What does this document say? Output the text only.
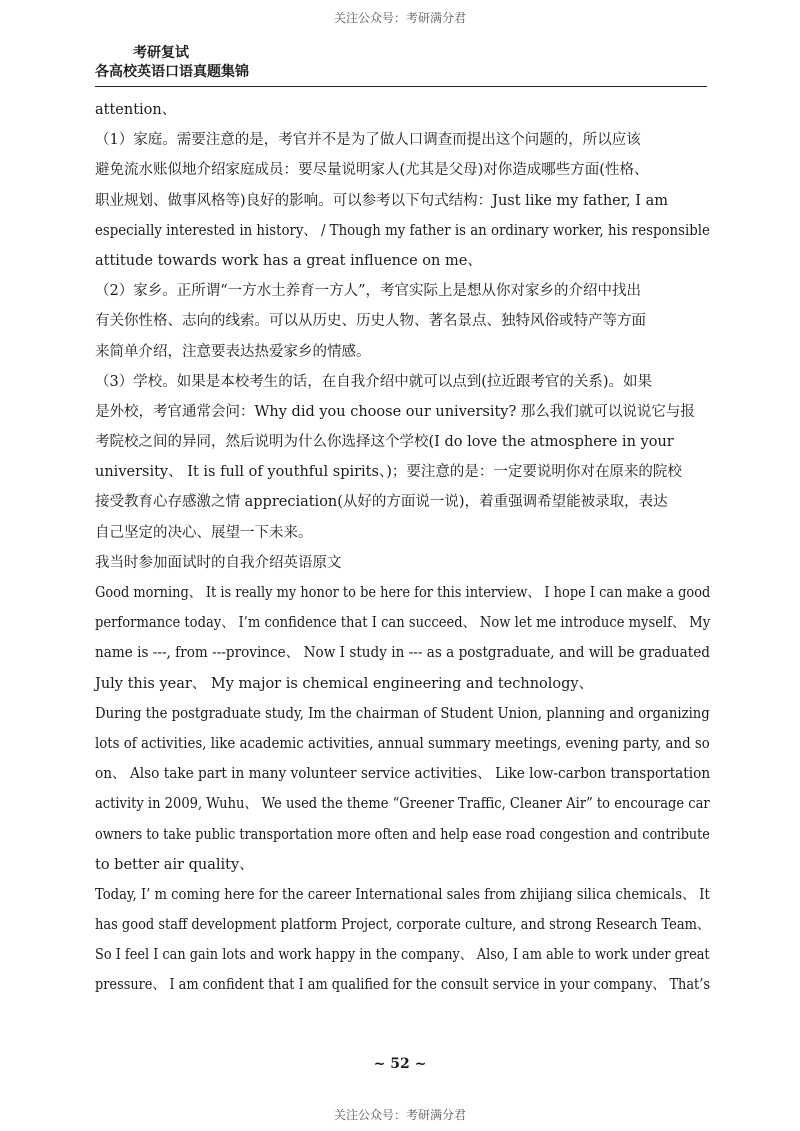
关注公众号：考研满分君
考研复试
各高校英语口语真题集锦
attention、
（1）家庭。需要注意的是，考官并不是为了做人口调查而提出这个问题的，所以应该
避免流水账似地介绍家庭成员：要尽量说明家人(尤其是父母)对你造成哪些方面(性格、
职业规划、做事风格等)良好的影响。可以参考以下句式结构：Just like my father, I am
especially interested in history、 / Though my father is an ordinary worker, his responsible
attitude towards work has a great influence on me、
（2）家乡。正所谓“一方水土养育一方人”，考官实际上是想从你对家乡的介绍中找出
有关你性格、志向的线索。可以从历史、历史人物、著名景点、独特风俗或特产等方面
来简单介绍，注意要表达热爱家乡的情感。
（3）学校。如果是本校考生的话，在自我介绍中就可以点到(拉近跟考官的关系)。如果
是外校，考官通常会问：Why did you choose our university? 那么我们就可以说说它与报
考院校之间的异同，然后说明为什么你选择这个学校(I do love the atmosphere in your
university、 It is full of youthful spirits、)；要注意的是：一定要说明你对在原来的院校
接受教育心存感激之情 appreciation(从好的方面说一说)，着重强调希望能被录取，表达
自己坚定的决心、展望一下未来。
我当时参加面试时的自我介绍英语原文
Good morning、 It is really my honor to be here for this interview、 I hope I can make a good
performance today、 I’m confidence that I can succeed、 Now let me introduce myself、 My
name is ---, from ---province、 Now I study in --- as a postgraduate, and will be graduated
July this year、 My major is chemical engineering and technology、
During the postgraduate study, Im the chairman of Student Union, planning and organizing
lots of activities, like academic activities, annual summary meetings, evening party, and so
on、 Also take part in many volunteer service activities、 Like low-carbon transportation
activity in 2009, Wuhu、 We used the theme “Greener Traffic, Cleaner Air” to encourage car
owners to take public transportation more often and help ease road congestion and contribute
to better air quality、
Today, I’ m coming here for the career International sales from zhijiang silica chemicals、 It
has good staff development platform Project, corporate culture, and strong Research Team、
So I feel I can gain lots and work happy in the company、 Also, I am able to work under great
pressure、 I am confident that I am qualified for the consult service in your company、 That’s
~ 52 ~
关注公众号：考研满分君
